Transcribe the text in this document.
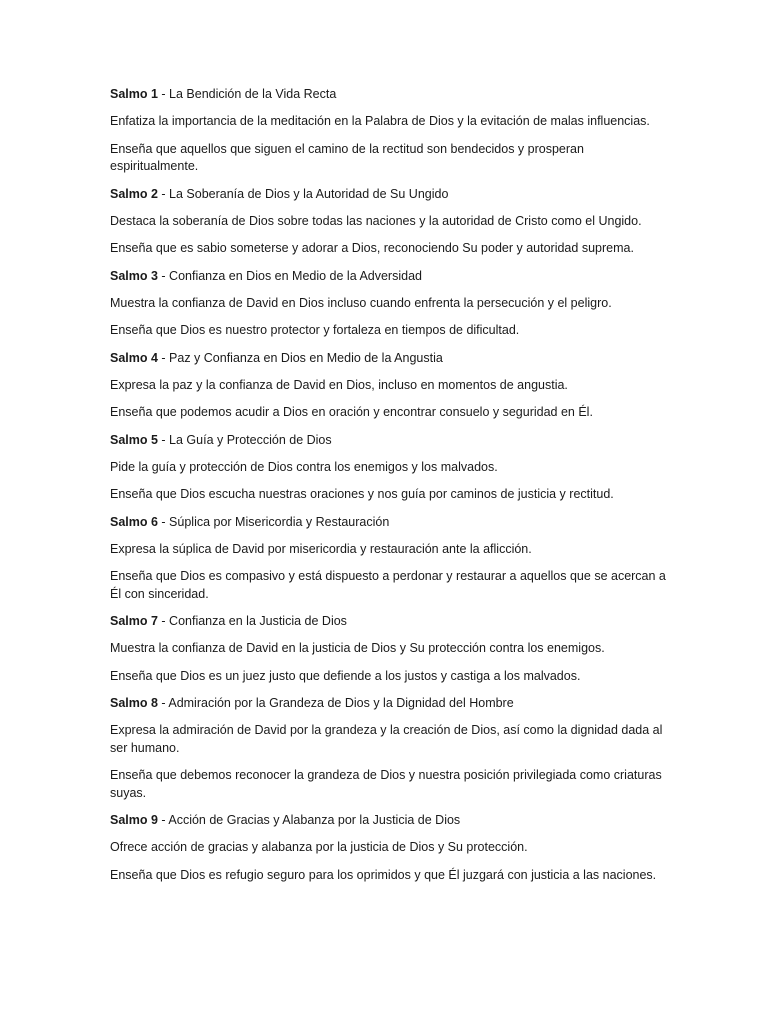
Salmo 1 - La Bendición de la Vida Recta

Enfatiza la importancia de la meditación en la Palabra de Dios y la evitación de malas influencias.

Enseña que aquellos que siguen el camino de la rectitud son bendecidos y prosperan espiritualmente.

Salmo 2 - La Soberanía de Dios y la Autoridad de Su Ungido

Destaca la soberanía de Dios sobre todas las naciones y la autoridad de Cristo como el Ungido.

Enseña que es sabio someterse y adorar a Dios, reconociendo Su poder y autoridad suprema.

Salmo 3 - Confianza en Dios en Medio de la Adversidad

Muestra la confianza de David en Dios incluso cuando enfrenta la persecución y el peligro.

Enseña que Dios es nuestro protector y fortaleza en tiempos de dificultad.

Salmo 4 - Paz y Confianza en Dios en Medio de la Angustia

Expresa la paz y la confianza de David en Dios, incluso en momentos de angustia.

Enseña que podemos acudir a Dios en oración y encontrar consuelo y seguridad en Él.

Salmo 5 - La Guía y Protección de Dios

Pide la guía y protección de Dios contra los enemigos y los malvados.

Enseña que Dios escucha nuestras oraciones y nos guía por caminos de justicia y rectitud.

Salmo 6 - Súplica por Misericordia y Restauración

Expresa la súplica de David por misericordia y restauración ante la aflicción.

Enseña que Dios es compasivo y está dispuesto a perdonar y restaurar a aquellos que se acercan a Él con sinceridad.

Salmo 7 - Confianza en la Justicia de Dios

Muestra la confianza de David en la justicia de Dios y Su protección contra los enemigos.

Enseña que Dios es un juez justo que defiende a los justos y castiga a los malvados.

Salmo 8 - Admiración por la Grandeza de Dios y la Dignidad del Hombre

Expresa la admiración de David por la grandeza y la creación de Dios, así como la dignidad dada al ser humano.

Enseña que debemos reconocer la grandeza de Dios y nuestra posición privilegiada como criaturas suyas.

Salmo 9 - Acción de Gracias y Alabanza por la Justicia de Dios

Ofrece acción de gracias y alabanza por la justicia de Dios y Su protección.

Enseña que Dios es refugio seguro para los oprimidos y que Él juzgará con justicia a las naciones.
